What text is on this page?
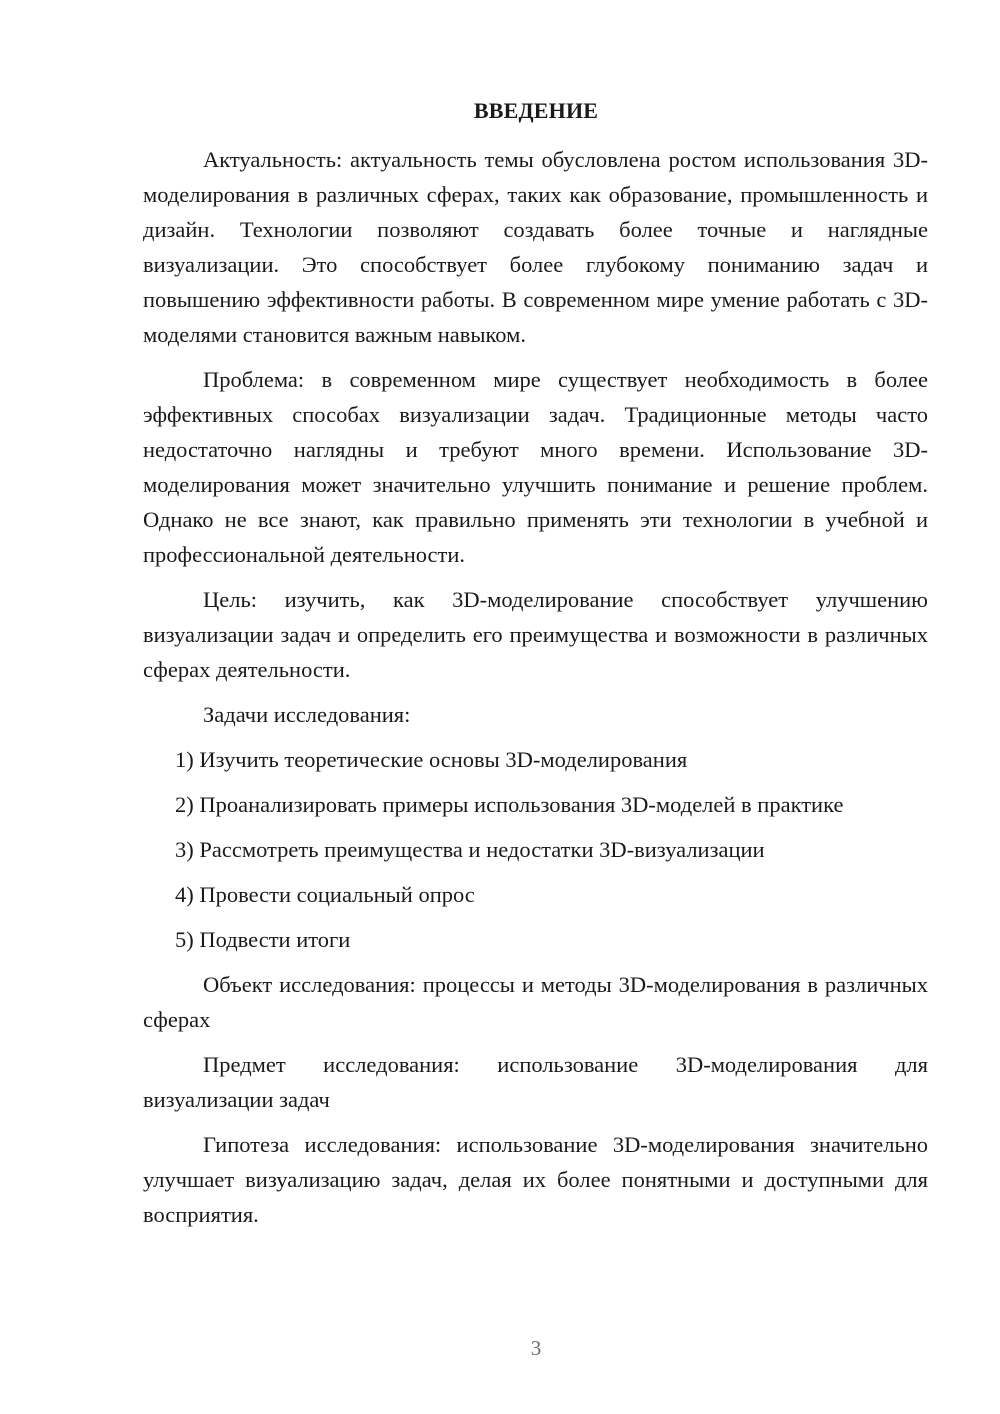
ВВЕДЕНИЕ

Актуальность: актуальность темы обусловлена ростом использования 3D-моделирования в различных сферах, таких как образование, промышленность и дизайн. Технологии позволяют создавать более точные и наглядные визуализации. Это способствует более глубокому пониманию задач и повышению эффективности работы. В современном мире умение работать с 3D-моделями становится важным навыком.

Проблема: в современном мире существует необходимость в более эффективных способах визуализации задач. Традиционные методы часто недостаточно наглядны и требуют много времени. Использование 3D-моделирования может значительно улучшить понимание и решение проблем. Однако не все знают, как правильно применять эти технологии в учебной и профессиональной деятельности.

Цель: изучить, как 3D-моделирование способствует улучшению визуализации задач и определить его преимущества и возможности в различных сферах деятельности.

Задачи исследования:

1) Изучить теоретические основы 3D-моделирования

2) Проанализировать примеры использования 3D-моделей в практике

3) Рассмотреть преимущества и недостатки 3D-визуализации

4) Провести социальный опрос

5) Подвести итоги

Объект исследования: процессы и методы 3D-моделирования в различных сферах

Предмет исследования: использование 3D-моделирования для визуализации задач

Гипотеза исследования: использование 3D-моделирования значительно улучшает визуализацию задач, делая их более понятными и доступными для восприятия.

3
